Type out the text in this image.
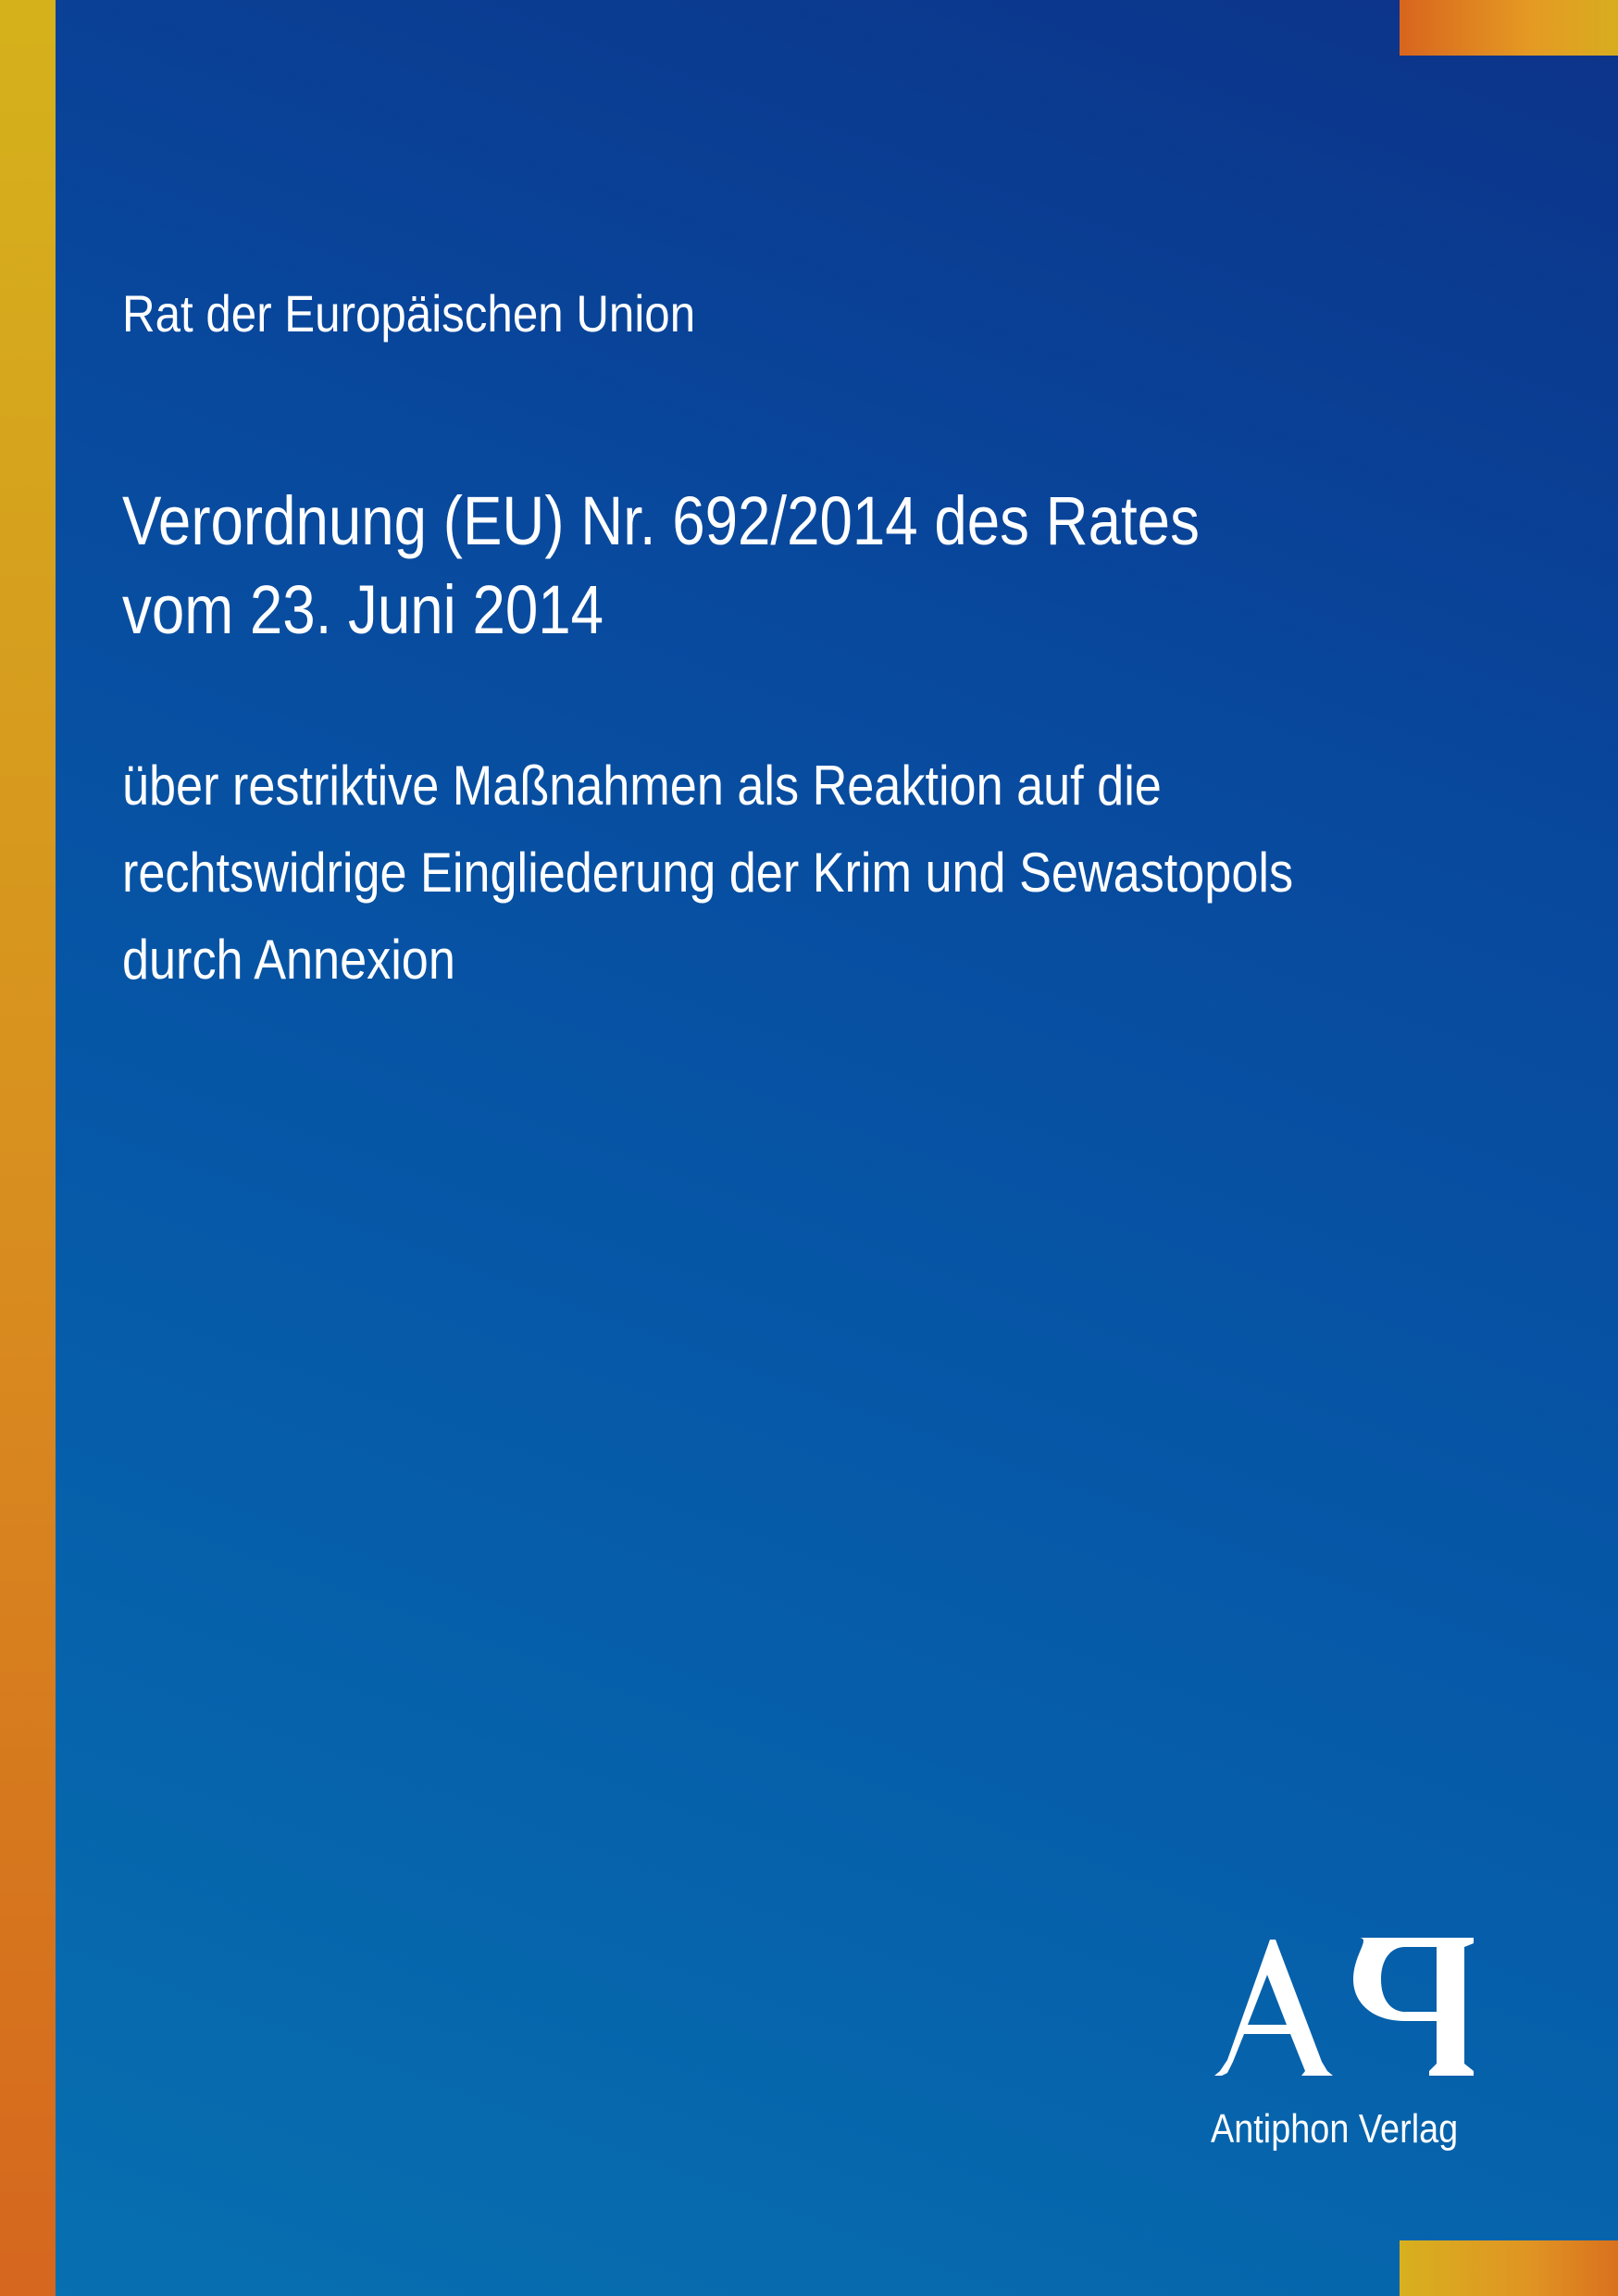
Rat der Europäischen Union
Verordnung (EU) Nr. 692/2014 des Rates
vom 23. Juni 2014
über restriktive Maßnahmen als Reaktion auf die
rechtswidrige Eingliederung der Krim und Sewastopols
durch Annexion
Antiphon Verlag
